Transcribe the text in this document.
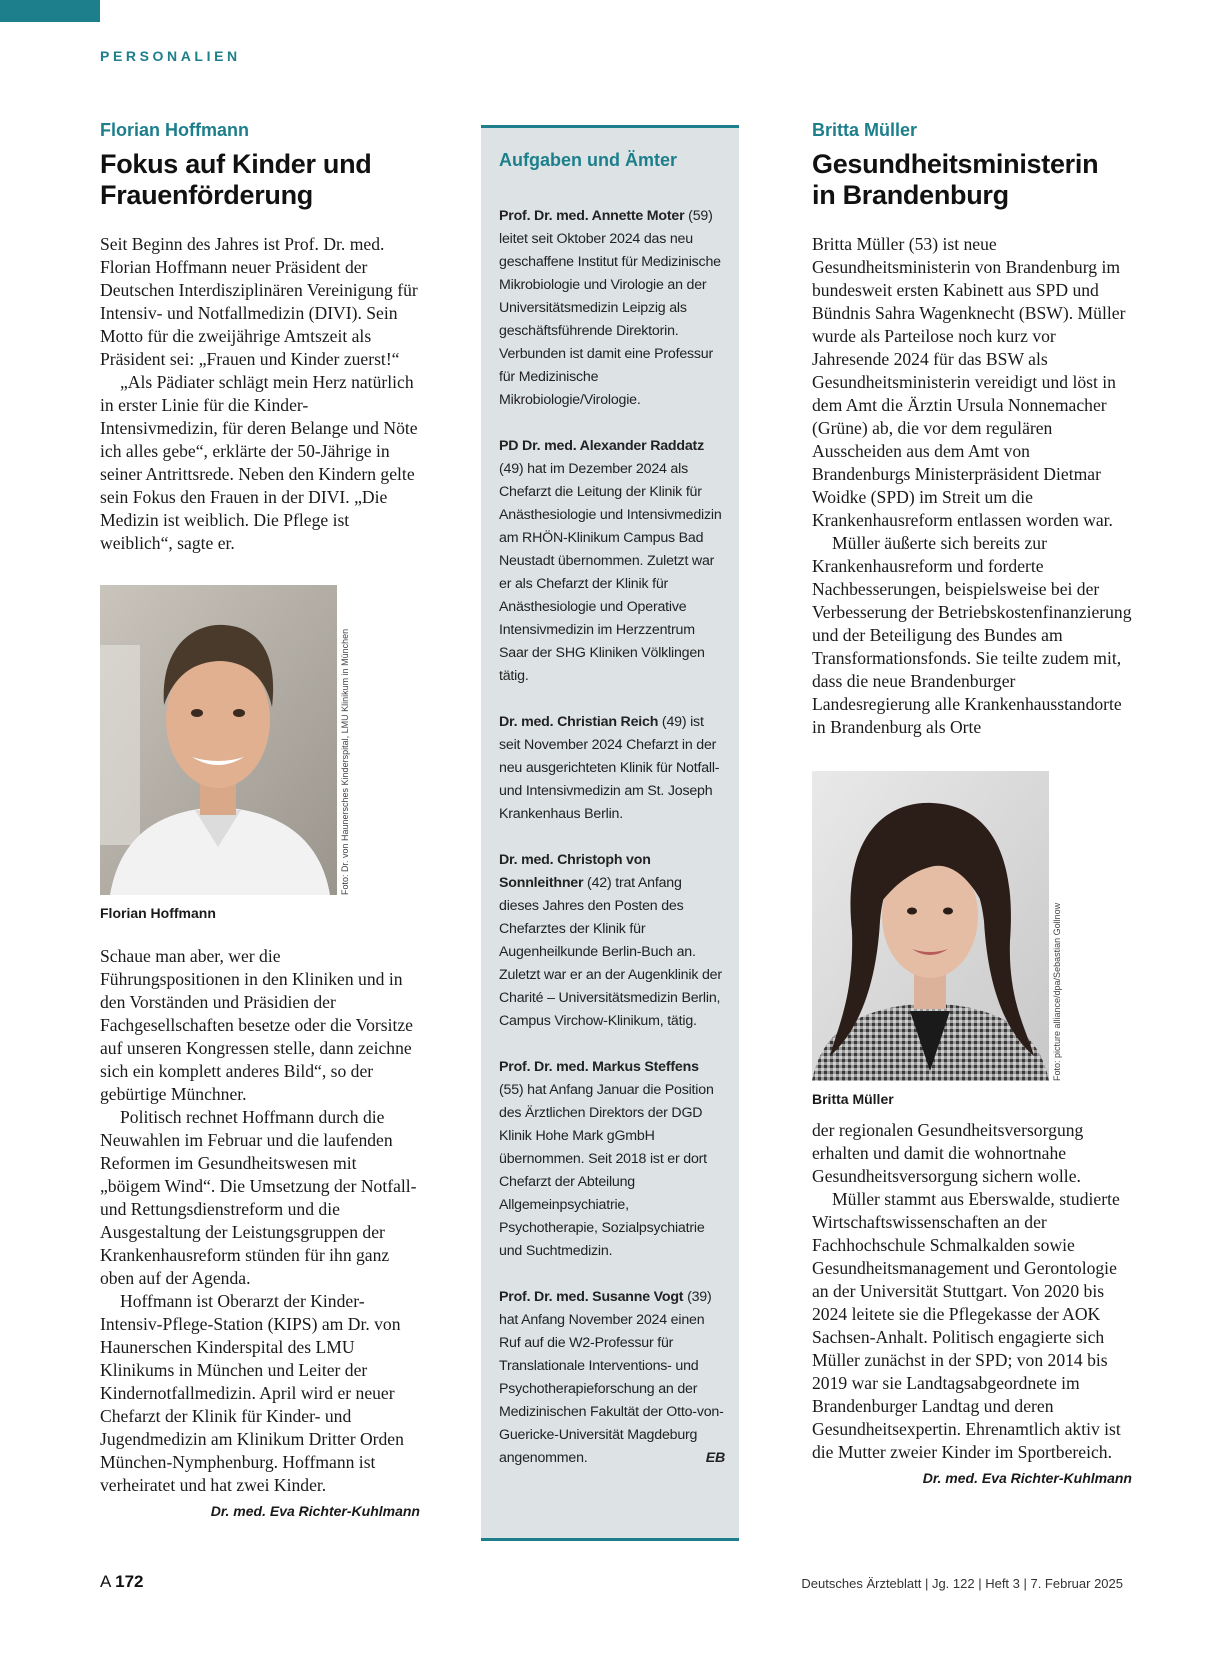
PERSONALIEN
Florian Hoffmann
Fokus auf Kinder und
Frauenförderung

Seit Beginn des Jahres ist Prof. Dr. med. Florian Hoffmann neuer Präsident der Deutschen Interdisziplinären Vereinigung für Intensiv- und Notfallmedizin (DIVI). Sein Motto für die zweijährige Amtszeit als Präsident sei: „Frauen und Kinder zuerst!“

„Als Pädiater schlägt mein Herz natürlich in erster Linie für die Kinder-Intensivmedizin, für deren Belange und Nöte ich alles gebe“, erklärte der 50-Jährige in seiner Antrittsrede. Neben den Kindern gelte sein Fokus den Frauen in der DIVI. „Die Medizin ist weiblich. Die Pflege ist weiblich“, sagte er.

Foto: Dr. von Haunersches Kinderspital, LMU Klinikum in München
Florian Hoffmann

Schaue man aber, wer die Führungspositionen in den Kliniken und in den Vorständen und Präsidien der Fachgesellschaften besetze oder die Vorsitze auf unseren Kongressen stelle, dann zeichne sich ein komplett anderes Bild“, so der gebürtige Münchner.

Politisch rechnet Hoffmann durch die Neuwahlen im Februar und die laufenden Reformen im Gesundheitswesen mit „böigem Wind“. Die Umsetzung der Notfall- und Rettungsdienstreform und die Ausgestaltung der Leistungsgruppen der Krankenhausreform stünden für ihn ganz oben auf der Agenda.

Hoffmann ist Oberarzt der Kinder-Intensiv-Pflege-Station (KIPS) am Dr. von Haunerschen Kinderspital des LMU Klinikums in München und Leiter der Kindernotfallmedizin. April wird er neuer Chefarzt der Klinik für Kinder- und Jugendmedizin am Klinikum Dritter Orden München-Nymphenburg. Hoffmann ist verheiratet und hat zwei Kinder.
Dr. med. Eva Richter-Kuhlmann

Aufgaben und Ämter
Prof. Dr. med. Annette Moter (59) leitet seit Oktober 2024 das neu geschaffene Institut für Medizinische Mikrobiologie und Virologie an der Universitätsmedizin Leipzig als geschäftsführende Direktorin. Verbunden ist damit eine Professur für Medizinische Mikrobiologie/Virologie.
PD Dr. med. Alexander Raddatz (49) hat im Dezember 2024 als Chefarzt die Leitung der Klinik für Anästhesiologie und Intensivmedizin am RHÖN-Klinikum Campus Bad Neustadt übernommen. Zuletzt war er als Chefarzt der Klinik für Anästhesiologie und Operative Intensivmedizin im Herzzentrum Saar der SHG Kliniken Völklingen tätig.
Dr. med. Christian Reich (49) ist seit November 2024 Chefarzt in der neu ausgerichteten Klinik für Notfall- und Intensivmedizin am St. Joseph Krankenhaus Berlin.
Dr. med. Christoph von Sonnleithner (42) trat Anfang dieses Jahres den Posten des Chefarztes der Klinik für Augenheilkunde Berlin-Buch an. Zuletzt war er an der Augenklinik der Charité – Universitätsmedizin Berlin, Campus Virchow-Klinikum, tätig.
Prof. Dr. med. Markus Steffens (55) hat Anfang Januar die Position des Ärztlichen Direktors der DGD Klinik Hohe Mark gGmbH übernommen. Seit 2018 ist er dort Chefarzt der Abteilung Allgemeinpsychiatrie, Psychotherapie, Sozialpsychiatrie und Suchtmedizin.
Prof. Dr. med. Susanne Vogt (39) hat Anfang November 2024 einen Ruf auf die W2-Professur für Translationale Interventions- und Psychotherapieforschung an der Medizinischen Fakultät der Otto-von-Guericke-Universität Magdeburg angenommen.	EB
Britta Müller
Gesundheitsministerin
in Brandenburg

Britta Müller (53) ist neue Gesundheitsministerin von Brandenburg im bundesweit ersten Kabinett aus SPD und Bündnis Sahra Wagenknecht (BSW). Müller wurde als Parteilose noch kurz vor Jahresende 2024 für das BSW als Gesundheitsministerin vereidigt und löst in dem Amt die Ärztin Ursula Nonnemacher (Grüne) ab, die vor dem regulären Ausscheiden aus dem Amt von Brandenburgs Ministerpräsident Dietmar Woidke (SPD) im Streit um die Krankenhausreform entlassen worden war.

Müller äußerte sich bereits zur Krankenhausreform und forderte Nachbesserungen, beispielsweise bei der Verbesserung der Betriebskostenfinanzierung und der Beteiligung des Bundes am Transformationsfonds. Sie teilte zudem mit, dass die neue Brandenburger Landesregierung alle Krankenhausstandorte in Brandenburg als Orte

Foto: picture alliance/dpa/Sebastian Gollnow
Britta Müller

der regionalen Gesundheitsversorgung erhalten und damit die wohnortnahe Gesundheitsversorgung sichern wolle.

Müller stammt aus Eberswalde, studierte Wirtschaftswissenschaften an der Fachhochschule Schmalkalden sowie Gesundheitsmanagement und Gerontologie an der Universität Stuttgart. Von 2020 bis 2024 leitete sie die Pflegekasse der AOK Sachsen-Anhalt. Politisch engagierte sich Müller zunächst in der SPD; von 2014 bis 2019 war sie Landtagsabgeordnete im Brandenburger Landtag und deren Gesundheitsexpertin. Ehrenamtlich aktiv ist die Mutter zweier Kinder im Sportbereich.
Dr. med. Eva Richter-Kuhlmann

A 172	Deutsches Ärzteblatt | Jg. 122 | Heft 3 | 7. Februar 2025
